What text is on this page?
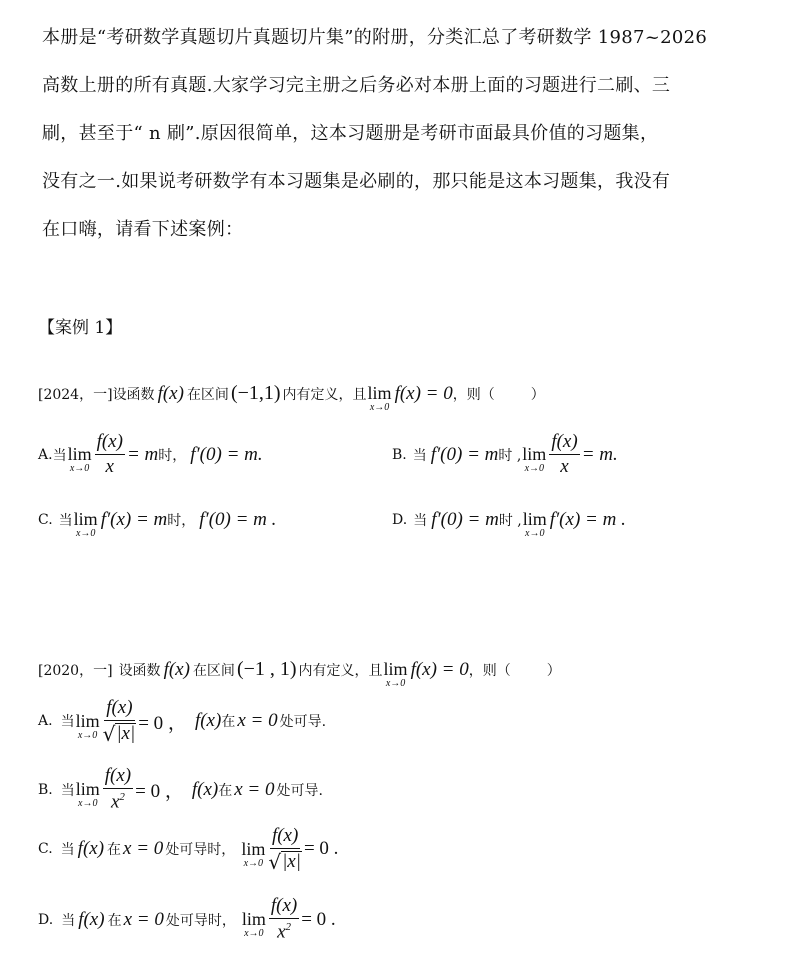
本册是“考研数学真题切片真题切片集”的附册，分类汇总了考研数学 1987~2026

高数上册的所有真题.大家学习完主册之后务必对本册上面的习题进行二刷、三

刷，甚至于“ n 刷”.原因很简单，这本习题册是考研市面最具价值的习题集，

没有之一.如果说考研数学有本习题集是必刷的，那只能是这本习题集，我没有

在口嗨，请看下述案例：

【案例 1】
[2024，一] 设函数 f(x) 在区间 (−1,1) 内有定义，且 lim
x→0
f(x) = 0 ，则（	）
A. 当 lim
$x\to 0 \frac{f(x)}{x} = m$ 时， f′(0) = m.	B. 当 f′(0) = m 时 , lim
$x\to 0 \frac{f(x)}{x} = m$.
C. 当 lim
x→0
f′(x) = m 时， f′(0) = m .	D. 当 f′(0) = m 时 , lim
x→0
f′(x) = m .
[2020，一] 设函数 f(x) 在区间 (−1 , 1) 内有定义，且 lim
x→0
f(x) = 0 ，则（	）
A. 当 lim
$x\to 0 \frac{f(x)}{√ |x|} = 0$ ， f(x) 在 x = 0 处可导.
B. 当 lim
$x\to 0 \frac{f(x)}{x^2} = 0$ ， f(x) 在 x = 0 处可导.
C. 当 f(x) 在 x = 0 处可导时， lim
$x\to 0 \frac{f(x)}{√ |x|} = 0$ .
D. 当 f(x) 在 x = 0 处可导时， lim
$x\to 0 \frac{f(x)}{x^2} = 0$ .
